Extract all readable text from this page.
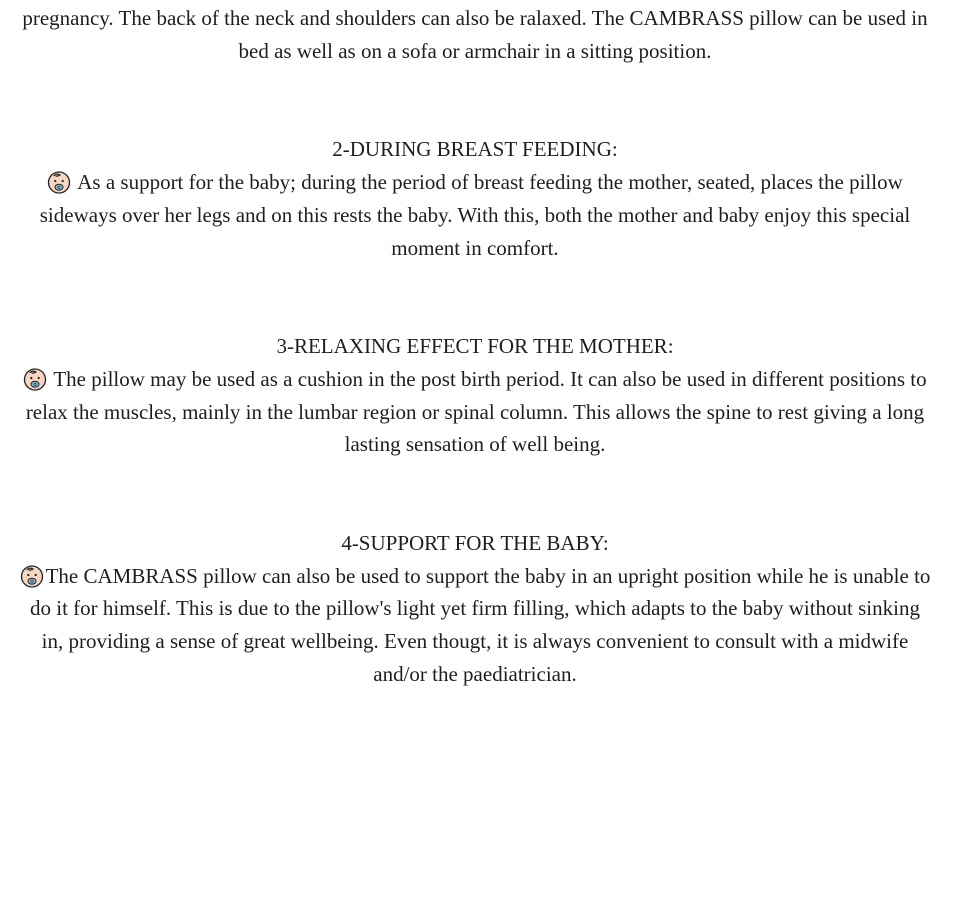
pregnancy. The back of the neck and shoulders can also be ralaxed. The CAMBRASS pillow can be used in bed as well as on a sofa or armchair in a sitting position.

2-DURING BREAST FEEDING:

As a support for the baby; during the period of breast feeding the mother, seated, places the pillow sideways over her legs and on this rests the baby. With this, both the mother and baby enjoy this special moment in comfort.

3-RELAXING EFFECT FOR THE MOTHER:

The pillow may be used as a cushion in the post birth period. It can also be used in different positions to relax the muscles, mainly in the lumbar region or spinal column. This allows the spine to rest giving a long lasting sensation of well being.

4-SUPPORT FOR THE BABY:

The CAMBRASS pillow can also be used to support the baby in an upright position while he is unable to do it for himself. This is due to the pillow's light yet firm filling, which adapts to the baby without sinking in, providing a sense of great wellbeing. Even thougt, it is always convenient to consult with a midwife and/or the paediatrician.
